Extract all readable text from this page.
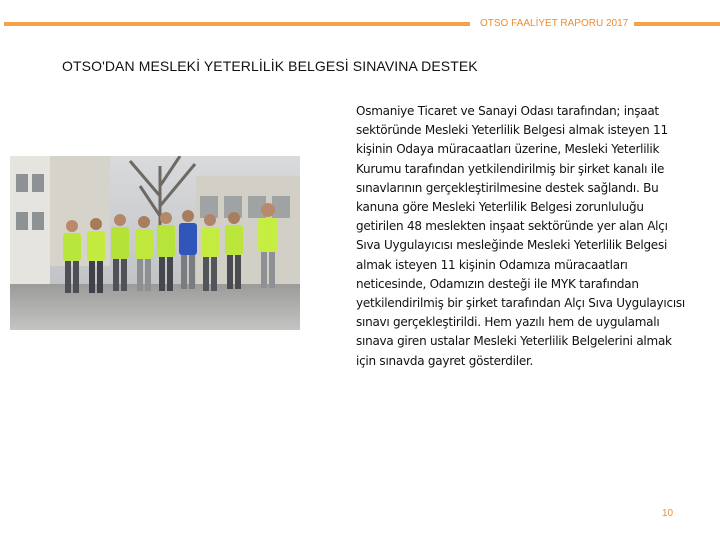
OTSO FAALİYET RAPORU 2017
OTSO'DAN MESLEKİ YETERLİLİK BELGESİ SINAVINA DESTEK
Osmaniye Ticaret ve Sanayi Odası tarafından; inşaat sektöründe Mesleki Yeterlilik Belgesi almak isteyen 11 kişinin Odaya müracaatları üzerine, Mesleki Yeterlilik Kurumu tarafından yetkilendirilmiş bir şirket kanalı ile sınavlarının gerçekleştirilmesine destek sağlandı. Bu kanuna göre Mesleki Yeterlilik Belgesi zorunluluğu getirilen 48 meslekten inşaat sektöründe yer alan Alçı Sıva Uygulayıcısı mesleğinde Mesleki Yeterlilik Belgesi almak isteyen 11 kişinin Odamıza müracaatları neticesinde, Odamızın desteği ile MYK tarafından yetkilendirilmiş bir şirket tarafından Alçı Sıva Uygulayıcısı sınavı gerçekleştirildi. Hem yazılı hem de uygulamalı sınava giren ustalar Mesleki Yeterlilik Belgelerini almak için sınavda gayret gösterdiler.
10
